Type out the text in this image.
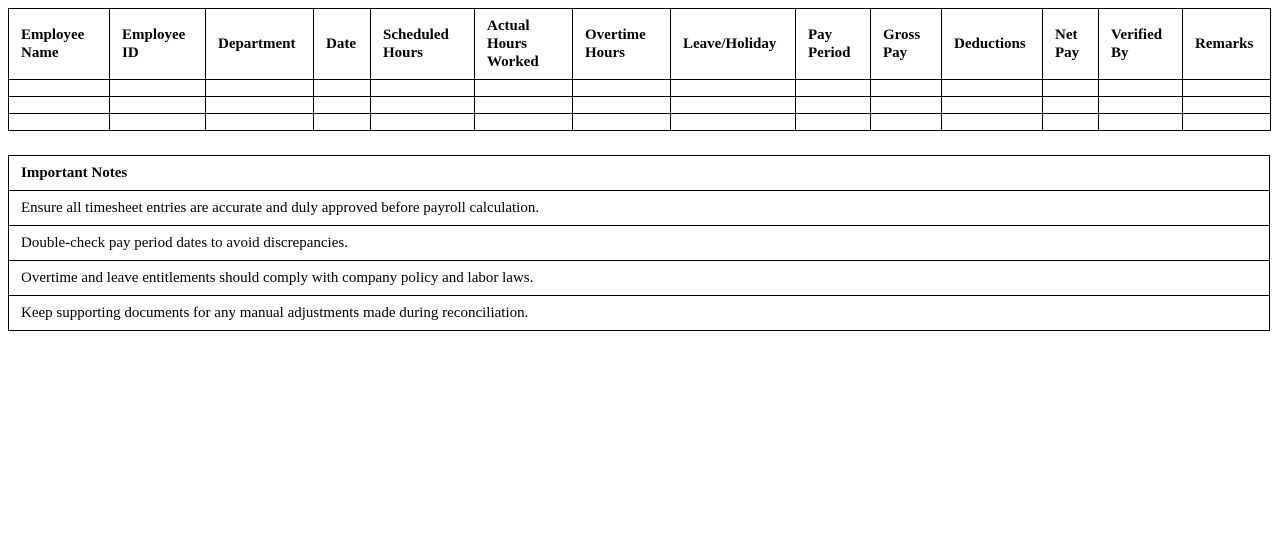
Employee Name	Employee ID	Department	Date	Scheduled Hours	Actual Hours Worked	Overtime Hours	Leave/Holiday	Pay Period	Gross Pay	Deductions	Net Pay	Verified By	Remarks

Important Notes
Ensure all timesheet entries are accurate and duly approved before payroll calculation.
Double-check pay period dates to avoid discrepancies.
Overtime and leave entitlements should comply with company policy and labor laws.
Keep supporting documents for any manual adjustments made during reconciliation.
